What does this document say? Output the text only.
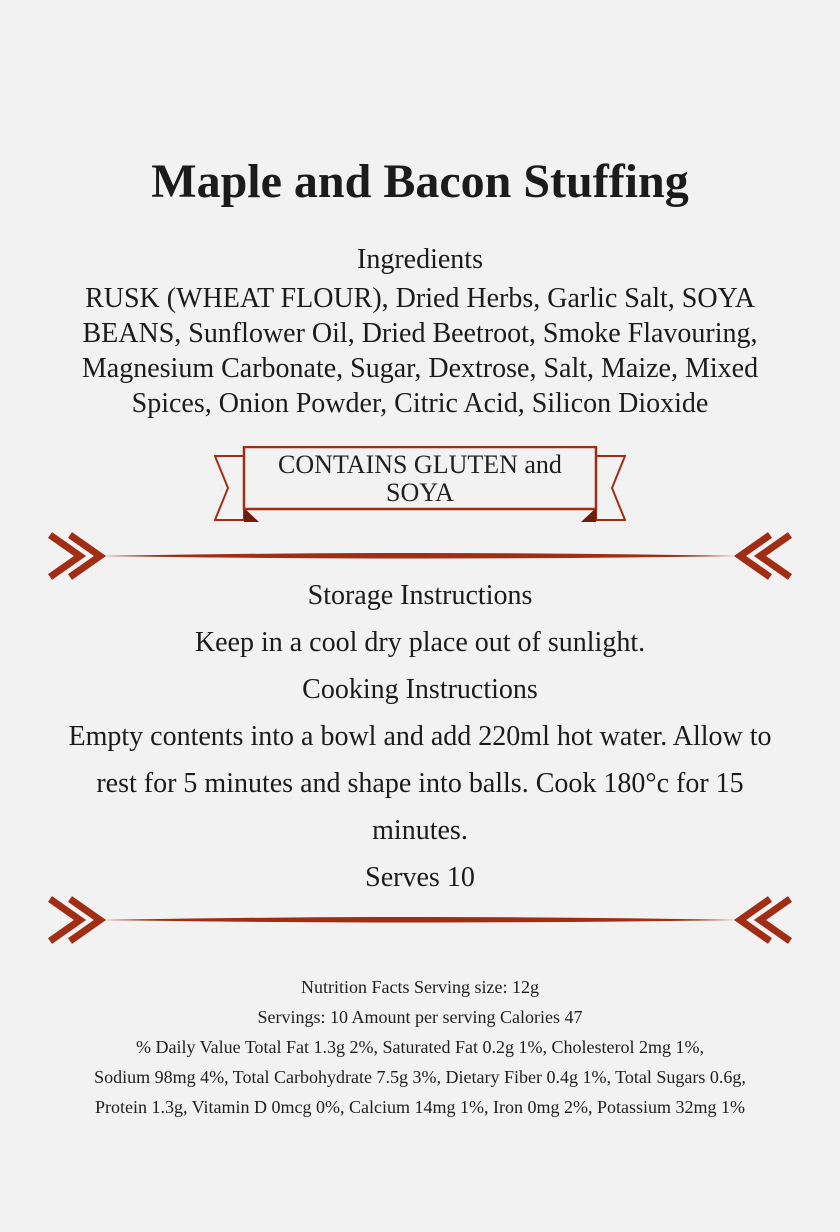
Maple and Bacon Stuffing
Ingredients
RUSK (WHEAT FLOUR), Dried Herbs, Garlic Salt, SOYA BEANS, Sunflower Oil, Dried Beetroot, Smoke Flavouring, Magnesium Carbonate, Sugar, Dextrose, Salt, Maize, Mixed Spices, Onion Powder, Citric Acid, Silicon Dioxide
CONTAINS GLUTEN and SOYA
Storage Instructions
Keep in a cool dry place out of sunlight.
Cooking Instructions
Empty contents into a bowl and add 220ml hot water. Allow to rest for 5 minutes and shape into balls. Cook 180°c for 15 minutes.
Serves 10
Nutrition Facts Serving size: 12g
Servings: 10 Amount per serving Calories 47
% Daily Value Total Fat 1.3g 2%, Saturated Fat 0.2g 1%, Cholesterol 2mg 1%,
Sodium 98mg 4%, Total Carbohydrate 7.5g 3%, Dietary Fiber 0.4g 1%, Total Sugars 0.6g,
Protein 1.3g, Vitamin D 0mcg 0%, Calcium 14mg 1%, Iron 0mg 2%, Potassium 32mg 1%
